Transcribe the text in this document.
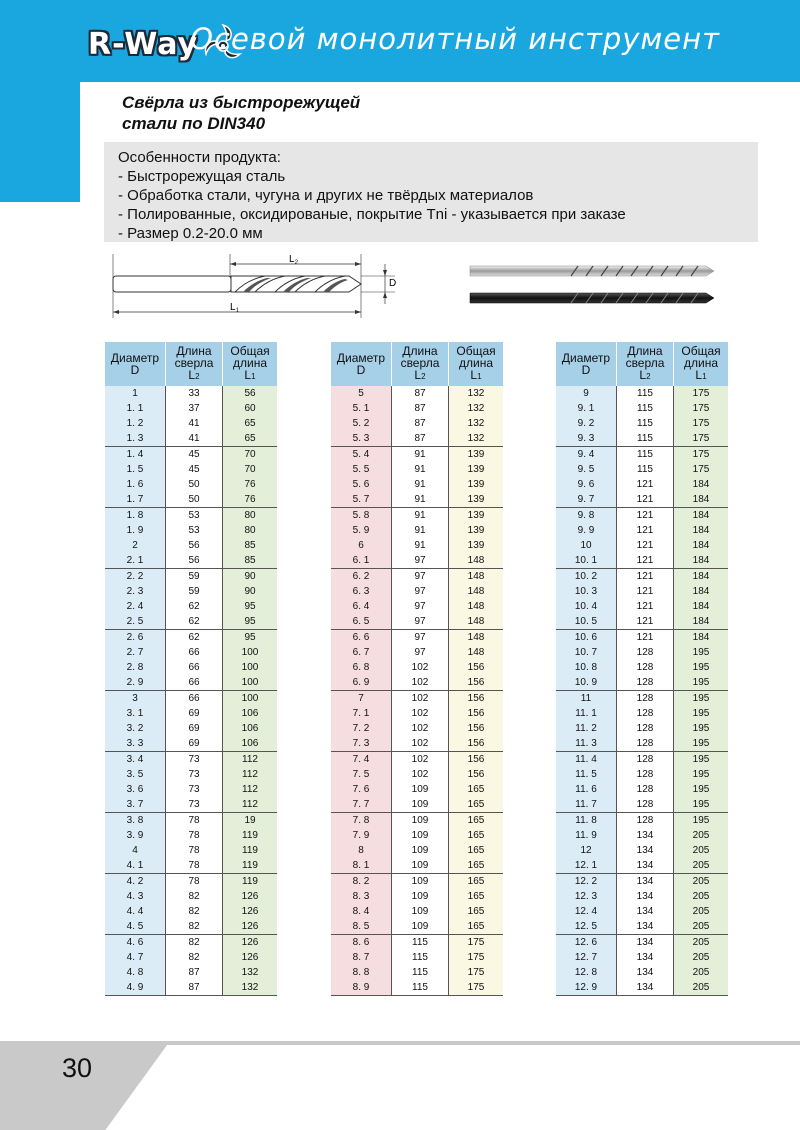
R-Way
Осевой монолитный инструмент
Свёрла из быстрорежущей
стали по DIN340
Особенности продукта:
- Быстрорежущая сталь
- Обработка стали, чугуна и других не твёрдых материалов
- Полированные, оксидированые, покрытие Tni - указывается при заказе
- Размер 0.2-20.0 мм
$L_2$
$L_1$
D
Диаметр
D	Длина
сверла
L2	Общая
длина
L1
1	33	56
1. 1	37	60
1. 2	41	65
1. 3	41	65
1. 4	45	70
1. 5	45	70
1. 6	50	76
1. 7	50	76
1. 8	53	80
1. 9	53	80
2	56	85
2. 1	56	85
2. 2	59	90
2. 3	59	90
2. 4	62	95
2. 5	62	95
2. 6	62	95
2. 7	66	100
2. 8	66	100
2. 9	66	100
3	66	100
3. 1	69	106
3. 2	69	106
3. 3	69	106
3. 4	73	112
3. 5	73	112
3. 6	73	112
3. 7	73	112
3. 8	78	19
3. 9	78	119
4	78	119
4. 1	78	119
4. 2	78	119
4. 3	82	126
4. 4	82	126
4. 5	82	126
4. 6	82	126
4. 7	82	126
4. 8	87	132
4. 9	87	132
Диаметр
D	Длина
сверла
L2	Общая
длина
L1
5	87	132
5. 1	87	132
5. 2	87	132
5. 3	87	132
5. 4	91	139
5. 5	91	139
5. 6	91	139
5. 7	91	139
5. 8	91	139
5. 9	91	139
6	91	139
6. 1	97	148
6. 2	97	148
6. 3	97	148
6. 4	97	148
6. 5	97	148
6. 6	97	148
6. 7	97	148
6. 8	102	156
6. 9	102	156
7	102	156
7. 1	102	156
7. 2	102	156
7. 3	102	156
7. 4	102	156
7. 5	102	156
7. 6	109	165
7. 7	109	165
7. 8	109	165
7. 9	109	165
8	109	165
8. 1	109	165
8. 2	109	165
8. 3	109	165
8. 4	109	165
8. 5	109	165
8. 6	115	175
8. 7	115	175
8. 8	115	175
8. 9	115	175
Диаметр
D	Длина
сверла
L2	Общая
длина
L1
9	115	175
9. 1	115	175
9. 2	115	175
9. 3	115	175
9. 4	115	175
9. 5	115	175
9. 6	121	184
9. 7	121	184
9. 8	121	184
9. 9	121	184
10	121	184
10. 1	121	184
10. 2	121	184
10. 3	121	184
10. 4	121	184
10. 5	121	184
10. 6	121	184
10. 7	128	195
10. 8	128	195
10. 9	128	195
11	128	195
11. 1	128	195
11. 2	128	195
11. 3	128	195
11. 4	128	195
11. 5	128	195
11. 6	128	195
11. 7	128	195
11. 8	128	195
11. 9	134	205
12	134	205
12. 1	134	205
12. 2	134	205
12. 3	134	205
12. 4	134	205
12. 5	134	205
12. 6	134	205
12. 7	134	205
12. 8	134	205
12. 9	134	205
30
